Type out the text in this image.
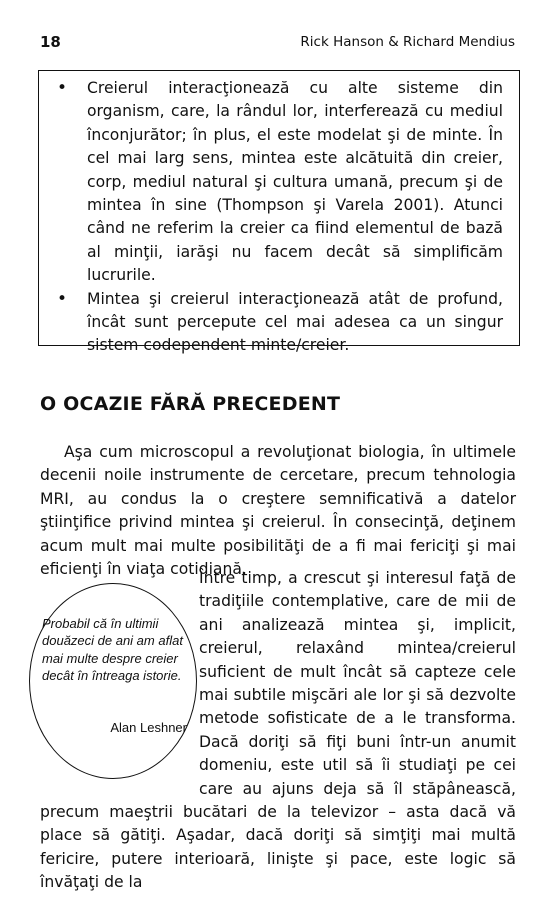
18	Rick Hanson & Richard Mendius
• Creierul interacţionează cu alte sisteme din organism, care, la rândul lor, interferează cu mediul înconjurător; în plus, el este modelat şi de minte. În cel mai larg sens, mintea este alcătuită din creier, corp, mediul natural şi cultura umană, precum şi de mintea în sine (Thompson şi Varela 2001). Atunci când ne referim la creier ca fiind elementul de bază al minţii, iarăşi nu facem decât să simplificăm lucrurile.
• Mintea şi creierul interacţionează atât de profund, încât sunt percepute cel mai adesea ca un singur sistem codependent minte/creier.
O OCAZIE FĂRĂ PRECEDENT
Aşa cum microscopul a revoluţionat biologia, în ultimele decenii noile instrumente de cercetare, precum tehnologia MRI, au condus la o creştere semnificativă a datelor ştiinţifice privind mintea şi creierul. În consecinţă, deţinem acum mult mai multe posibilităţi de a fi mai fericiţi şi mai eficienţi în viaţa cotidiană.
Între timp, a crescut şi interesul faţă de tradiţiile contemplative, care de mii de ani analizează mintea şi, implicit, creierul, relaxând mintea/creierul suficient de mult încât să capteze cele mai subtile mişcări ale lor şi să dezvolte metode sofisticate de a le transforma. Dacă doriţi să fiţi buni într-un anumit domeniu, este util să îi studiaţi pe cei care au ajuns deja să îl stăpânească, precum maeştrii bucătari de la televizor – asta dacă vă place să gătiţi. Aşadar, dacă doriţi să simţiţi mai multă fericire, putere interioară, linişte şi pace, este logic să învăţaţi de la
Probabil că în ultimii douăzeci de ani am aflat mai multe despre creier decât în întreaga istorie.
Alan Leshner
